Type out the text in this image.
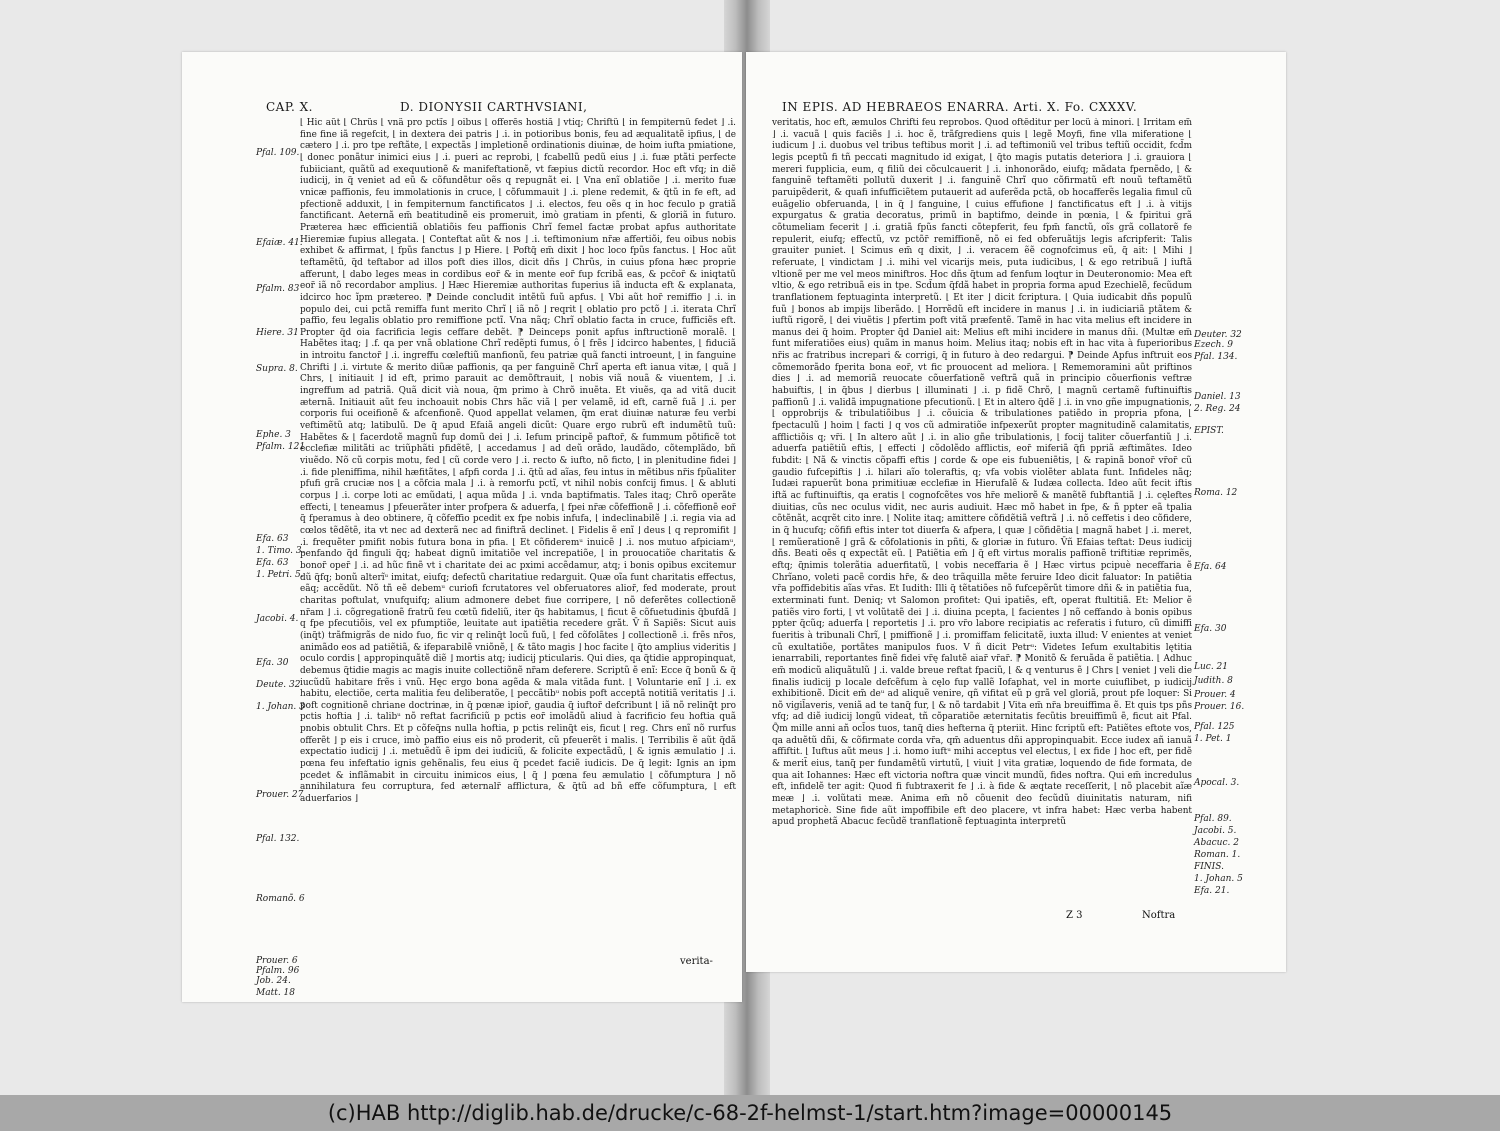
CAP. X.	D. DIONYSII CARTHVSIANI,
Pfal. 109.
Efaiæ. 41.
Pfalm. 83
Hiere. 31
Supra. 8.
Ephe. 3
Pfalm. 121
Efa. 63
1. Timo. 3.
Efa. 63
1. Petri. 5.
Jacobi. 4.
Efa. 30
Deute. 32
1. Johan. 3
Prouer. 27
Pfal. 132.
Romanõ. 6
Prouer. 6
Pfalm. 96
Job. 24.
Matt. 18

⌊ Hic aũt ⌊ Chrũs ⌊ vnã pro pctĩs ⌋ oibus ⌊ offerẽs hostiã ⌋ vtiq; Chriftũ ⌊ in fempiternũ fedet ⌋ .i. fine fine iã regefcit, ⌊ in dextera dei patris ⌋ .i. in potioribus bonis, feu ad æqualitatẽ ipfius, ⌊ de cætero ⌋ .i. pro tpe reftãte, ⌊ expectãs ⌋ impletionẽ ordinationis diuinæ, de hoim iufta pmiatione, ⌊ donec ponãtur inimici eius ⌋ .i. pueri ac reprobi, ⌊ fcabellũ pedũ eius ⌋ .i. fuæ ptãti perfecte fubiiciant, quãtũ ad exequutionẽ & manifeftationẽ, vt fæpius dictũ recordor. Hoc eft vfq; in diẽ iudicij, in q̃ veniet ad eũ & cõfundẽtur oẽs q repugnãt ei. ⌊ Vna enĩ oblatiõe ⌋ .i. merito fuæ vnicæ paffionis, feu immolationis in cruce, ⌊ cõfummauit ⌋ .i. plene redemit, & q̃tũ in fe eft, ad pfectionẽ adduxit, ⌊ in fempiternum fanctificatos ⌋ .i. electos, feu oẽs q in hoc feculo p gratiã fanctificant. Aeternã em̃ beatitudinẽ eis promeruit, imò gratiam in pfenti, & gloriã in futuro. Præterea hæc efficientiã oblatiõis feu paffionis Chrĩ femel factæ probat apfus authoritate Hieremiæ fupius allegata. ⌊ Conteftat aũt & nos ⌋ .i. teftimonium nr̃æ affertiõi, feu oibus nobis exhibet & affirmat, ⌊ fpũs fanctus ⌋ p Hiere. ⌊ Poftq̃ em̃ dixit ⌋ hoc loco fpũs fanctus. ⌊ Hoc aũt teftamẽtũ, q̃d teftabor ad illos poft dies illos, dicit dñs ⌋ Chrũs, in cuius pfona hæc proprie afferunt, ⌊ dabo leges meas in cordibus eor̃ & in mente eor̃ fup fcribã eas, & pcc̃or̃ & iniqtatũ eor̃ iã nõ recordabor amplius. ⌋ Hæc Hieremiæ authoritas fuperius iã inducta eft & explanata, idcirco hoc ĩpm prætereo. ⁋ Deinde concludit intẽtũ fuũ apfus. ⌊ Vbi aũt hor̃ remiffio ⌋ .i. in populo dei, cui pctã remiffa funt merito Chrĩ ⌊ iã nõ ⌋ reqrit ⌊ oblatio pro pctõ ⌋ .i. iterata Chrĩ paffio, feu legalis oblatio pro remiffione pctĩ. Vna nãq; Chrĩ oblatio facta in cruce, fufficiẽs eft. Propter q̃d oia facrificia legis ceffare debẽt. ⁋ Deinceps ponit apfus inftructionẽ moralẽ. ⌊ Habẽtes itaq; ⌋ .f. qa per vnã oblatione Chrĩ redẽpti fumus, ô ⌊ frẽs ⌋ idcirco habentes, ⌊ fiduciã in introitu fanctor̃ ⌋ .i. ingreffu cœleftiũ manfionũ, feu patriæ quã fancti introeunt, ⌊ in fanguine Chrifti ⌋ .i. virtute & merito diũæ paffionis, qa per fanguinẽ Chrĩ aperta eft ianua vitæ, ⌊ quã ⌋ Chrs, ⌊ initiauit ⌋ id eft, primo parauit ac demõftrauit, ⌊ nobis viã nouã & viuentem, ⌋ .i. ingreffum ad patriã. Quã dicit vià noua, q̃m primo à Chrõ inuẽta. Et viuẽs, qa ad vitã ducit æternã. Initiauit aũt feu inchoauit nobis Chrs hãc viã ⌊ per velamẽ, id eft, carnẽ fuã ⌋ .i. per corporis fui oceifionẽ & afcenfionẽ. Quod appellat velamen, q̃m erat diuinæ naturæ feu verbi veftimẽtũ atq; latibulũ. De q̃ apud Efaiã angeli dicũt: Quare ergo rubrũ eft indumẽtũ tuũ: Habẽtes & ⌊ facerdotẽ magnũ fup domũ dei ⌋ .i. Iefum principẽ paftor̃, & fummum põtificẽ tot ecclefiæ militãti ac triũphãti pfidẽtẽ, ⌊ accedamus ⌋ ad deũ orãdo, laudãdo, cõtemplãdo, bñ viuẽdo. Nõ cũ corpis motu, fed ⌊ cũ corde vero ⌋ .i. recto & iufto, nõ ficto, ⌊ in plenitudine fidei ⌋ .i. fide pleniffima, nihil hæfitãtes, ⌊ afpfi corda ⌋ .i. q̃tũ ad aĩas, feu intus in mẽtibus nr̃is fpũaliter pfufi grã cruciæ nos ⌊ a cõfcia mala ⌋ .i. à remorfu pctĩ, vt nihil nobis confcij fimus. ⌊ & abluti corpus ⌋ .i. corpe loti ac emũdati, ⌊ aqua mũda ⌋ .i. vnda baptifmatis. Tales itaq; Chrõ operãte effecti, ⌊ teneamus ⌋ pfeuerãter inter profpera & aduerfa, ⌊ fpei nr̃æ cõfeffionẽ ⌋ .i. cõfeffionẽ eor̃ q̃ fperamus à deo obtinere, q̃ cõfeffio pcedit ex fpe nobis infufa, ⌊ indeclinabilẽ ⌋ .i. regia via ad cœlos tẽdẽtẽ, ita vt nec ad dexterã nec ad finiftrã declinet. ⌊ Fidelis ẽ enĩ ⌋ deus ⌊ q repromifit ⌋ .i. frequẽter pmifit nobis futura bona in pfia. ⌊ Et cõfideremᵘ inuicẽ ⌋ .i. nos mutuo afpiciamᵘ, penfando q̃d finguli q̃q; habeat dignũ imitatiõe vel increpatiõe, ⌊ in prouocatiõe charitatis & bonor̃ oper̃ ⌋ .i. ad hũc finẽ vt i charitate dei ac pximi accẽdamur, atq; i bonis opibus excitemur dũ q̃fq; bonũ alterĩᵘ imitat, eiufq; defectũ charitatiue redarguit. Quæ oĩa funt charitatis effectus, eãq; accẽdũt. Nõ tñ eẽ debemᵘ curiofi fcrutatores vel obferuatores alior̃, fed moderate, prout charitas poftulat, vnufquifq; alium admonere debet fiue corripere, ⌊ nõ deferẽtes collectionẽ nr̃am ⌋ .i. cõgregationẽ fratrũ feu cœtũ fideliũ, iter q̃s habitamus, ⌊ ficut ẽ cõfuetudinis q̃bufdã ⌋ q fpe pfecutiõis, vel ex pfumptiõe, leuitate aut ipatiẽtia recedere grãt. V̄ ñ Sapiẽs: Sicut auis (inq̃t) trãfmigrãs de nido fuo, fic vir q relinq̃t locũ fuũ, ⌊ fed cõfolãtes ⌋ collectionẽ .i. frẽs nr̃os, animãdo eos ad patiẽtiã, & ifeparabilẽ vniõnẽ, ⌊ & tãto magis ⌋ hoc facite ⌊ q̃to amplius videritis ⌋ oculo cordis ⌊ appropinquãtẽ diẽ ⌋ mortis atq; iudicij pticularis. Qui dies, qa q̃tidie appropinquat, debemus q̃tidie magis ac magis inuite collectiõnẽ nr̃am deferere. Scriptũ ẽ enĩ: Ecce q̃ bonũ & q̃ iucũdũ habitare frẽs i vnũ. Hęc ergo bona agẽda & mala vitãda funt. ⌊ Voluntarie enĩ ⌋ .i. ex habitu, electiõe, certa malitia feu deliberatõe, ⌊ peccãtibᵘ nobis poft acceptã notitiã veritatis ⌋ .i. poft cognitionẽ chriane doctrinæ, in q̃ pœnæ ipior̃, gaudia q̃ iuftor̃ defcribunt ⌊ iã nõ relinq̃t pro pctis hoftia ⌋ .i. talibᵘ nõ reftat facrificiũ p pctis eor̃ imolãdũ aliud à facrificio feu hoftia quã pnobis obtulit Chrs. Et p cõfeq̃ns nulla hoftia, p pctis relinq̃t eis, ficut ⌊ reg. Chrs enĩ nõ rurfus offerẽt ⌋ p eis i cruce, imò paffio eius eis nõ proderit, cũ pfeuerẽt i malis. ⌊ Terribilis ẽ aũt q̃dã expectatio iudicij ⌋ .i. metuẽdũ ẽ ipm dei iudiciũ, & folicite expectãdũ, ⌊ & ignis æmulatio ⌋ .i. pœna feu infeftatio ignis gehẽnalis, feu eius q̃ pcedet faciẽ iudicis. De q̃ legit: Ignis an ipm pcedet & inflãmabit in circuitu inimicos eius, ⌊ q̃ ⌋ pœna feu æmulatio ⌊ cõfumptura ⌋ nõ annihilatura feu corruptura, fed æternalr̃ afflictura, & q̃tũ ad bñ effe cõfumptura, ⌊ eft aduerfarios ⌋

verita-
IN EPIS. AD HEBRAEOS ENARRA. Arti. X. Fo. CXXXV.

veritatis, hoc eft, æmulos Chrifti feu reprobos. Quod oftẽditur per locũ à minori. ⌊ Irritam em̃ ⌋ .i. vacuã ⌊ quis faciẽs ⌋ .i. hoc ẽ, trãfgrediens quis ⌊ legẽ Moyfi, fine vlla miferatione ⌊ iudicum ⌋ .i. duobus vel tribus teftibus morit ⌋ .i. ad teftimoniũ vel tribus teftiũ occidit, fcd̃m legis pceptũ fi tñ peccati magnitudo id exigat, ⌊ q̃to magis putatis deteriora ⌋ .i. grauiora ⌊ mereri fupplicia, eum, q filiũ dei cõculcauerit ⌋ .i. inhonorãdo, eiufq; mãdata fpernẽdo, ⌊ & fanguinẽ teftamẽti pollutũ duxerit ⌋ .i. fanguinẽ Chrĩ quo cõfirmatũ eft nouũ teftamẽtũ paruipẽderit, & quafi infufficiẽtem putauerit ad auferẽda pctã, ob hocafferẽs legalia fimul cũ euãgelio obferuanda, ⌊ in q̃ ⌋ fanguine, ⌊ cuius effufione ⌋ fanctificatus eft ⌋ .i. à vitijs expurgatus & gratia decoratus, primũ in baptifmo, deinde in pœnia, ⌊ & fpiritui grã cõtumeliam fecerit ⌋ .i. gratiã fpũs fancti cõtepferit, feu fpm̃ fanctũ, oĩs grã collatorẽ fe repulerit, eiufq; effectũ, vz pctõr̃ remiffionẽ, nõ ei fed obferuãtijs legis afcripferit: Talis grauiter puniet. ⌊ Scimus em̃ q dixit, ⌋ .i. veracem ẽẽ cognofcimus eũ, q̃ ait: ⌊ Mihi ⌋ referuate, ⌊ vindictam ⌋ .i. mihi vel vicarijs meis, puta iudicibus, ⌊ & ego retribuã ⌋ iuftã vltionẽ per me vel meos miniftros. Hoc dñs q̃tum ad fenfum loqtur in Deuteronomio: Mea eft vltio, & ego retribuã eis in tpe. Scd̃um q̃fdã habet in propria forma apud Ezechielẽ, fecũdum tranflationem feptuaginta interpretũ. ⌊ Et iter ⌋ dicit fcriptura. ⌊ Quia iudicabit dñs populũ fuũ ⌋ bonos ab impijs liberãdo. ⌊ Horrẽdũ eft incidere in manus ⌋ .i. in iudiciariã ptãtem & iuftũ rigorẽ, ⌊ dei viuẽtis ⌋ pfertim poft vitã præfentẽ. Tamẽ in hac vita melius eft incidere in manus dei q̃ hoim. Propter q̃d Daniel ait: Melius eft mihi incidere in manus dñi. (Multæ em̃ funt miferatiões eius) quãm in manus hoim. Melius itaq; nobis eft in hac vita à fuperioribus nr̃is ac fratribus increpari & corrigi, q̃ in futuro à deo redargui. ⁋ Deinde Apfus inftruit eos cõmemorãdo fperita bona eor̃, vt fic prouocent ad meliora. ⌊ Rememoramini aũt priftinos dies ⌋ .i. ad memoriã reuocate cõuerfationẽ veftrã quã in principio cõuerfionis veftræ habuiftis, ⌊ in q̃bus ⌋ dierbus ⌊ illuminati ⌋ .i. p fidẽ Chrõ, ⌊ magnũ certamẽ fuftinuiftis paffionũ ⌋ .i. validã impugnatione pfecutionũ. ⌊ Et in altero q̃dẽ ⌋ .i. in vno gñe impugnationis, ⌊ opprobrijs & tribulatiõibus ⌋ .i. cõuicia & tribulationes patiẽdo in propria pfona, ⌊ fpectaculũ ⌋ hoim ⌊ facti ⌋ q vos cũ admiratiõe infpexerũt propter magnitudinẽ calamitatis, afflictiõis q; vr̃i. ⌊ In altero aũt ⌋ .i. in alio gñe tribulationis, ⌊ focij taliter cõuerfantiũ ⌋ .i. aduerfa patiẽtiũ eftis, ⌊ effecti ⌋ cõdolẽdo afflictis, eor̃ miferiã q̃fi ppriã æftimãtes. Ideo fubdit: ⌊ Nã & vinctis cõpaffi eftis ⌋ corde & ope eis fubueniẽtis, ⌊ & rapinã bonor̃ vr̃or̃ cũ gaudio fufcepiftis ⌋ .i. hilari aĩo toleraftis, q; vfa vobis violẽter ablata funt. Infideles nãq; Iudæi rapuerũt bona primitiuæ ecclefiæ in Hierufalẽ & Iudæa collecta. Ideo aũt fecit iftis iftã ac fuftinuiftis, qa eratis ⌊ cognofcẽtes vos hr̃e meliorẽ & manẽtẽ fubftantiã ⌋ .i. cęleftes diuitias, cũs nec oculus vidit, nec auris audiuit. Hæc mõ habet in fpe, & ñ ppter eã tpalia cõtẽnãt, acqrẽt cito inre. ⌊ Nolite itaq; amittere cõfidẽtiã veftrã ⌋ .i. nõ ceffetis i deo cõfidere, in q̃ hucufq; cõfifi eftis inter tot diuerfa & afpera, ⌊ quæ ⌋ cõfidẽtia ⌊ magnã habet ⌋ .i. meret, ⌊ remũerationẽ ⌋ grã & cõfolationis in pñti, & gloriæ in futuro. V̄ñ Efaias teftat: Deus iudicij dñs. Beati oẽs q expectãt eũ. ⌊ Patiẽtia em̃ ⌋ q̃ eft virtus moralis paffionẽ triftitiæ reprimẽs, eftq; ɋ̃nimis tolerãtia aduerfitatũ, ⌊ vobis neceffaria ẽ ⌋ Hæc virtus pcipuè neceffaria ẽ Chrĩano, voleti pacẽ cordis hr̃e, & deo trãquilla mẽte feruire Ideo dicit faluator: In patiẽtia vr̃a poffidebitis aĩas vr̃as. Et Iudith: Illi q̃ tẽtatiões nõ fufcepẽrũt timore dñi & in patiẽtia fua, exterminati funt. Deniq; vt Salomon profitet: Qui ipatiẽs, eft, operat ftultitiã. Et: Melior ẽ patiẽs viro forti, ⌊ vt volũtatẽ dei ⌋ .i. diuina pcepta, ⌊ facientes ⌋ nõ ceffando à bonis opibus ppter q̃cũq; aduerfa ⌊ reportetis ⌋ .i. pro vr̃o labore recipiatis ac referatis i futuro, cũ dimiffi fueritis à tribunali Chrĩ, ⌊ pmiffionẽ ⌋ .i. promiffam felicitatẽ, iuxta illud: V enientes at veniet cũ exultatiõe, portãtes manipulos fuos. V ñ dicit Petrᵘ: Videtes Iefum exultabitis lętitia ienarrabili, reportantes finẽ fidei vr̃ę falutẽ aiar̃ vr̃ar̃. ⁋ Monitõ & feruãda ẽ patiẽtia. ⌊ Adhuc em̃ modicũ aliquãtulũ ⌋ .i. valde breue reftat fpaciũ, ⌊ & q venturus ẽ ⌋ Chrs ⌊ veniet ⌋ veli die finalis iudicij p locale defcẽfum à cęlo fup vallẽ Iofaphat, vel in morte cuiuflibet, p iudicij exhibitionẽ. Dicit em̃ deᵘ ad aliquẽ venire, qñ vifitat eũ p grã vel gloriã, prout pfe loquer: Si nõ vigil̃averis, veniã ad te tanq̃ fur, ⌊ & nõ tardabit ⌋ Vita em̃ nr̃a breuiffima ẽ. Et quis tps pñs vfq; ad diẽ iudicij longũ videat, tñ cõparatiõe æternitatis fecũtis breuiffimũ ẽ, ficut ait Pfal. Q̃m mille anni añ ocl̃os tuos, tanq̃ dies hefterna q̃ pteriit. Hinc fcriptũ eft: Patiẽtes eftote vos, qa aduẽtũ dñi, & cõfirmate corda vr̃a, qm̃ aduentus dñi appropinquabit. Ecce iudex añ ianuã affiftit. ⌊ Iuftus aũt meus ⌋ .i. homo iuftᵘ mihi acceptus vel electus, ⌊ ex fide ⌋ hoc eft, per fidẽ & merit̃ eius, tanq̃ per fundamẽtũ virtutũ, ⌊ viuit ⌋ vita gratiæ, loquendo de fide formata, de qua ait Iohannes: Hæc eft victoria noftra quæ vincit mundũ, fides noftra. Qui em̃ incredulus eft, infidelẽ ter agit: Quod fi fubtraxerit fe ⌋ .i. à fide & æqtate receſſerit, ⌊ nõ placebit aĩæ meæ ⌋ .i. volũtati meæ. Anima em̃ nõ cõuenit deo fecũdũ diuinitatis naturam, nifi metaphoricè. Sine fide aũt impoffibile eft deo placere, vt infra habet: Hæc verba habent apud prophetã Abacuc fecũdẽ tranflationẽ feptuaginta interpretũ

Deuter. 32
Ezech. 9
Pfal. 134.
Daniel. 13
2. Reg. 24
EPIST.
Roma. 12
Efa. 64
Efa. 30
Luc. 21
Judith. 8
Prouer. 4
Prouer. 16.
Pfal. 125
1. Pet. 1
Apocal. 3.
Pfal. 89.
Jacobi. 5.
Abacuc. 2
Roman. 1.
FINIS.
1. Johan. 5
Efa. 21.
Z 3	Noftra
(c)HAB http://diglib.hab.de/drucke/c-68-2f-helmst-1/start.htm?image=00000145
